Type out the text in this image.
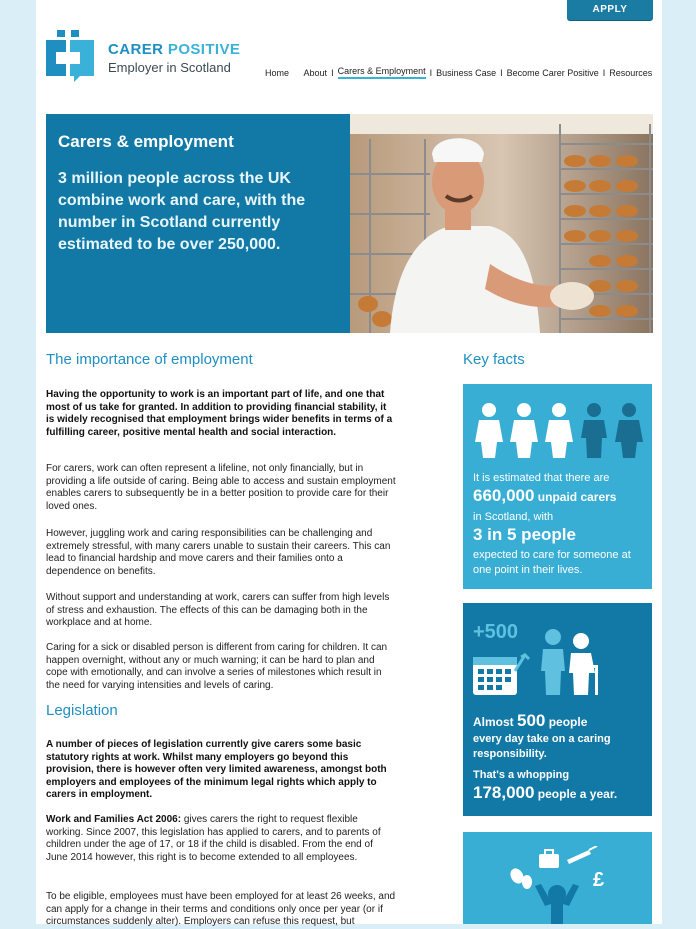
APPLY
CARER POSITIVE
Employer in Scotland	Home About I Carers & Employment I Business Case I Become Carer Positive I Resources
Carers & employment
3 million people across the UK combine work and care, with the number in Scotland currently estimated to be over 250,000.
The importance of employment

Having the opportunity to work is an important part of life, and one that most of us take for granted. In addition to providing financial stability, it is widely recognised that employment brings wider benefits in terms of a fulfilling career, positive mental health and social interaction.

For carers, work can often represent a lifeline, not only financially, but in providing a life outside of caring. Being able to access and sustain employment enables carers to subsequently be in a better position to provide care for their loved ones.

However, juggling work and caring responsibilities can be challenging and extremely stressful, with many carers unable to sustain their careers. This can lead to financial hardship and move carers and their families onto a dependence on benefits.

Without support and understanding at work, carers can suffer from high levels of stress and exhaustion. The effects of this can be damaging both in the workplace and at home.

Caring for a sick or disabled person is different from caring for children. It can happen overnight, without any or much warning; it can be hard to plan and cope with emotionally, and can involve a series of milestones which result in the need for varying intensities and levels of caring.

Legislation

A number of pieces of legislation currently give carers some basic statutory rights at work. Whilst many employers go beyond this provision, there is however often very limited awareness, amongst both employers and employees of the minimum legal rights which apply to carers in employment.

Work and Families Act 2006: gives carers the right to request flexible working. Since 2007, this legislation has applied to carers, and to parents of children under the age of 17, or 18 if the child is disabled. From the end of June 2014 however, this right is to become extended to all employees.

To be eligible, employees must have been employed for at least 26 weeks, and can apply for a change in their terms and conditions only once per year (or if circumstances suddenly alter). Employers can refuse this request, but

Key facts
It is estimated that there are
660,000 unpaid carers
in Scotland, with
3 in 5 people
expected to care for someone at
one point in their lives.
+500
Almost 500 people
every day take on a caring
responsibility.
That's a whopping
178,000 people a year.
£
